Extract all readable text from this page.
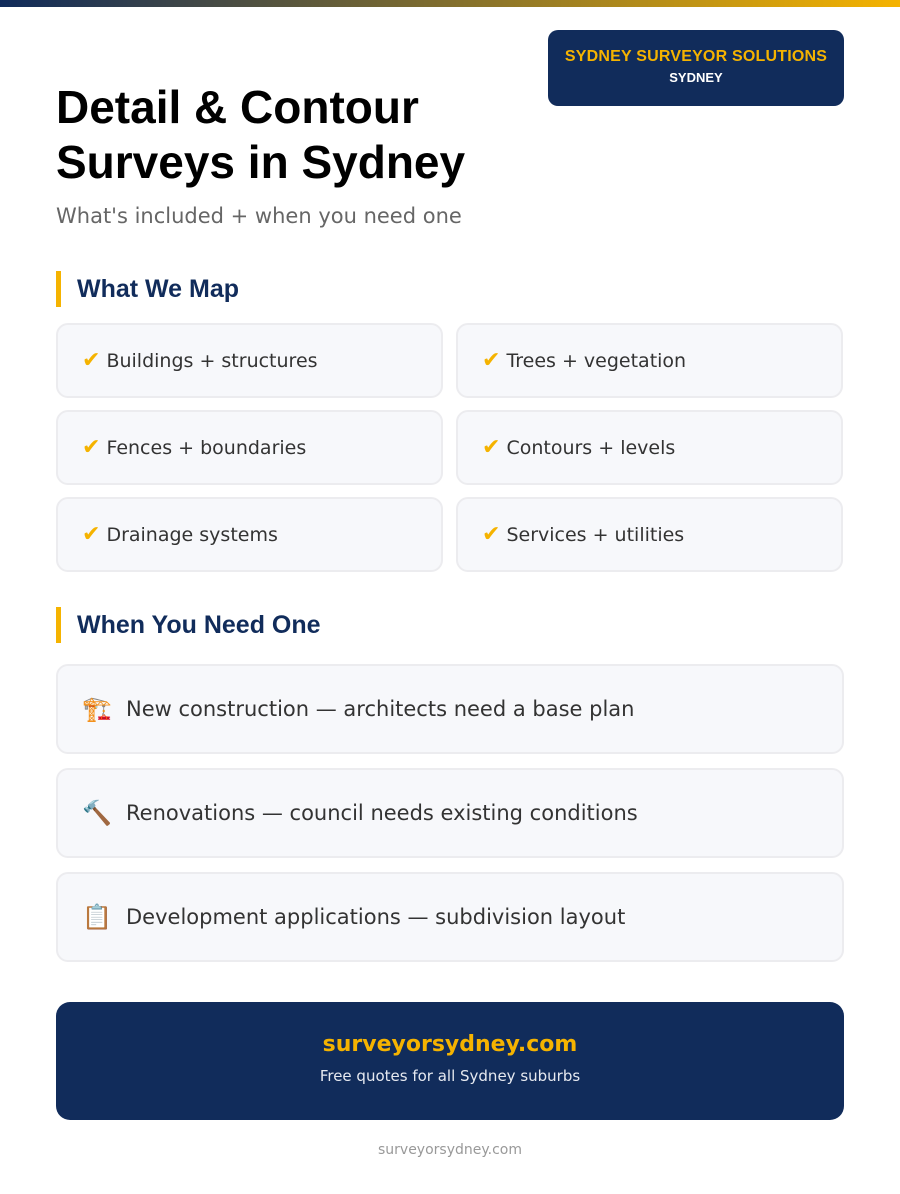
SYDNEY SURVEYOR SOLUTIONS
SYDNEY
Detail & Contour Surveys in Sydney
What's included + when you need one
What We Map
✔ Buildings + structures	✔ Trees + vegetation
✔ Fences + boundaries	✔ Contours + levels
✔ Drainage systems	✔ Services + utilities
When You Need One
🏗️ New construction — architects need a base plan
🔨 Renovations — council needs existing conditions
📋 Development applications — subdivision layout
surveyorsydney.com
Free quotes for all Sydney suburbs
surveyorsydney.com
